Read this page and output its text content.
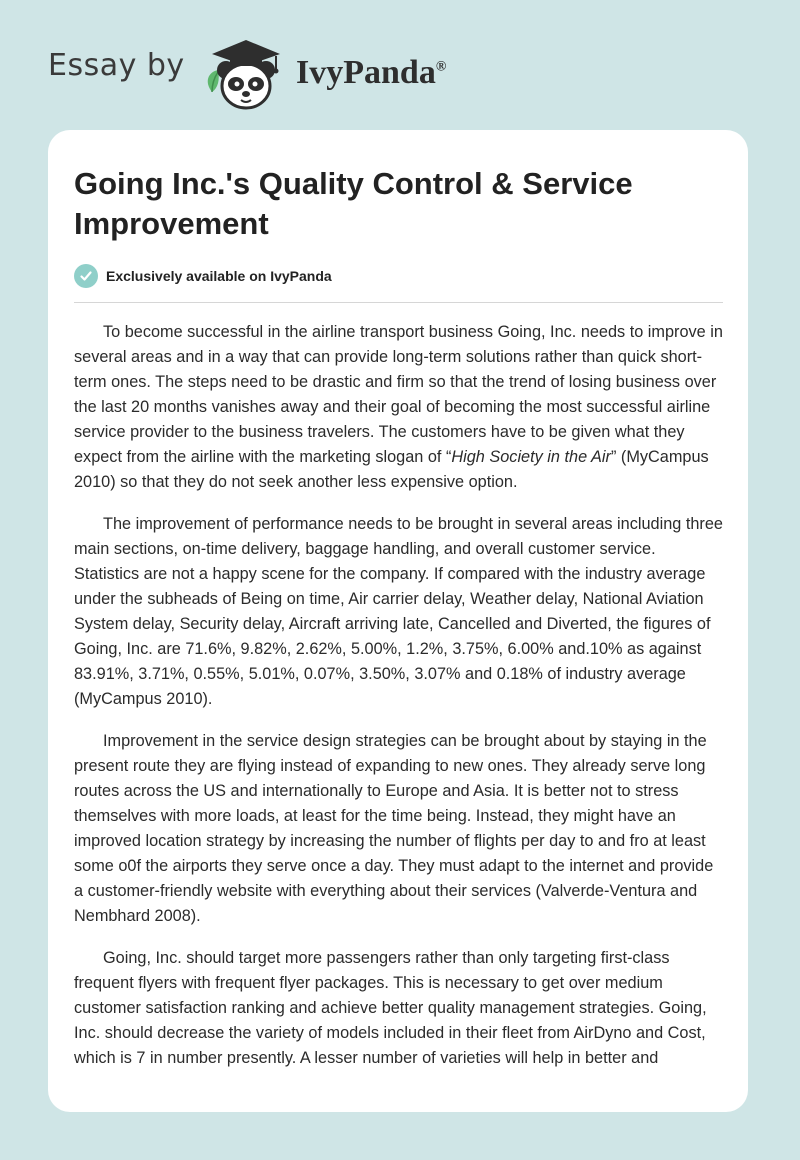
Essay by	IvyPanda®
Going Inc.'s Quality Control & Service Improvement
Exclusively available on IvyPanda

To become successful in the airline transport business Going, Inc. needs to improve in several areas and in a way that can provide long-term solutions rather than quick short-term ones. The steps need to be drastic and firm so that the trend of losing business over the last 20 months vanishes away and their goal of becoming the most successful airline service provider to the business travelers. The customers have to be given what they expect from the airline with the marketing slogan of “High Society in the Air” (MyCampus 2010) so that they do not seek another less expensive option.

The improvement of performance needs to be brought in several areas including three main sections, on-time delivery, baggage handling, and overall customer service. Statistics are not a happy scene for the company. If compared with the industry average under the subheads of Being on time, Air carrier delay, Weather delay, National Aviation System delay, Security delay, Aircraft arriving late, Cancelled and Diverted, the figures of Going, Inc. are 71.6%, 9.82%, 2.62%, 5.00%, 1.2%, 3.75%, 6.00% and.10% as against 83.91%, 3.71%, 0.55%, 5.01%, 0.07%, 3.50%, 3.07% and 0.18% of industry average (MyCampus 2010).

Improvement in the service design strategies can be brought about by staying in the present route they are flying instead of expanding to new ones. They already serve long routes across the US and internationally to Europe and Asia. It is better not to stress themselves with more loads, at least for the time being. Instead, they might have an improved location strategy by increasing the number of flights per day to and fro at least some o0f the airports they serve once a day. They must adapt to the internet and provide a customer-friendly website with everything about their services (Valverde-Ventura and Nembhard 2008).

Going, Inc. should target more passengers rather than only targeting first-class frequent flyers with frequent flyer packages. This is necessary to get over medium customer satisfaction ranking and achieve better quality management strategies. Going, Inc. should decrease the variety of models included in their fleet from AirDyno and Cost, which is 7 in number presently. A lesser number of varieties will help in better and
